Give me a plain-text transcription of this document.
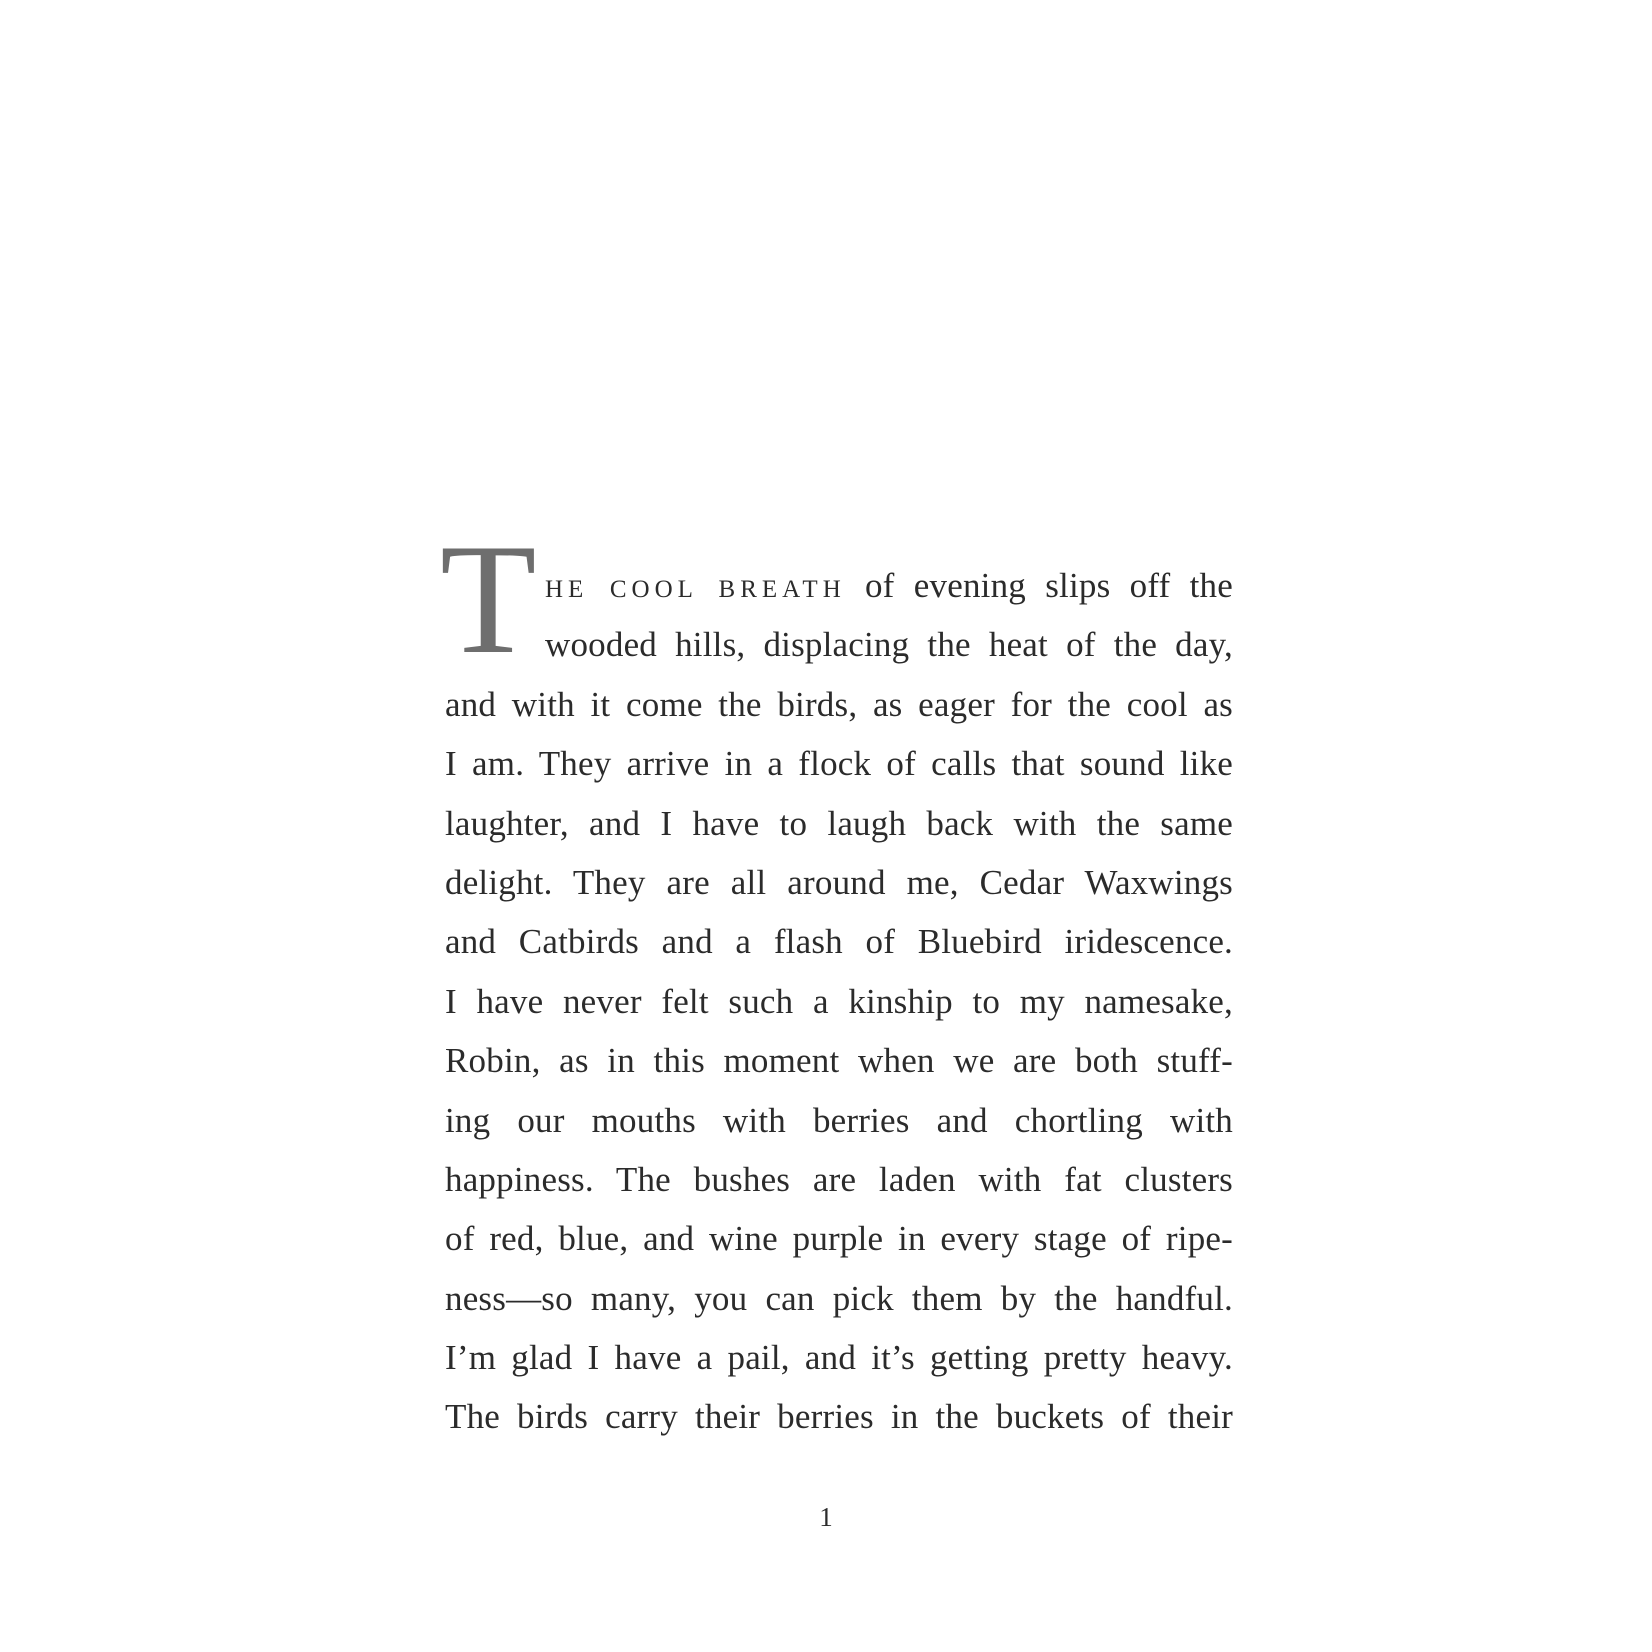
T HE COOL BREATH of evening slips off the
wooded hills, displacing the heat of the day,
and with it come the birds, as eager for the cool as
I am. They arrive in a flock of calls that sound like
laughter, and I have to laugh back with the same
delight. They are all around me, Cedar Waxwings
and Catbirds and a flash of Bluebird iridescence.
I have never felt such a kinship to my namesake,
Robin, as in this moment when we are both stuff-
ing our mouths with berries and chortling with
happiness. The bushes are laden with fat clusters
of red, blue, and wine purple in every stage of ripe-
ness—so many, you can pick them by the handful.
I’m glad I have a pail, and it’s getting pretty heavy.
The birds carry their berries in the buckets of their
1
